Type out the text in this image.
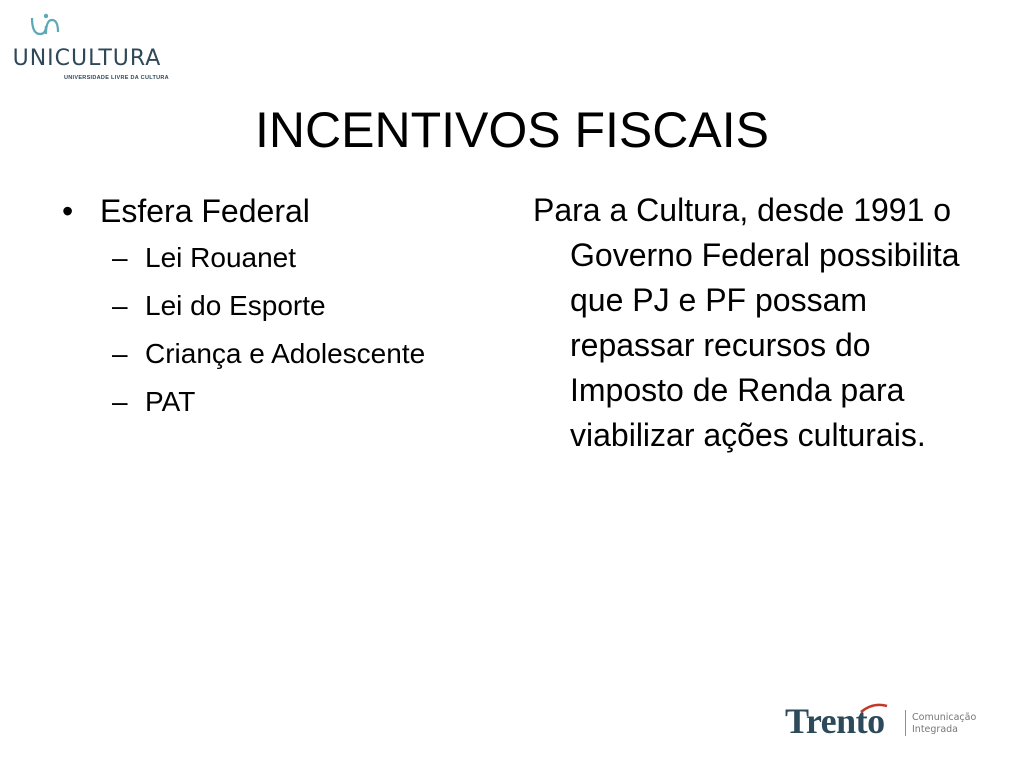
UNICULTURA
UNIVERSIDADE LIVRE DA CULTURA
INCENTIVOS FISCAIS
• Esfera Federal
– Lei Rouanet
– Lei do Esporte
– Criança e Adolescente
– PAT
Para a Cultura, desde 1991 o Governo Federal possibilita que PJ e PF possam repassar recursos do Imposto de Renda para viabilizar ações culturais.
Trento	Comunicação
Integrada
